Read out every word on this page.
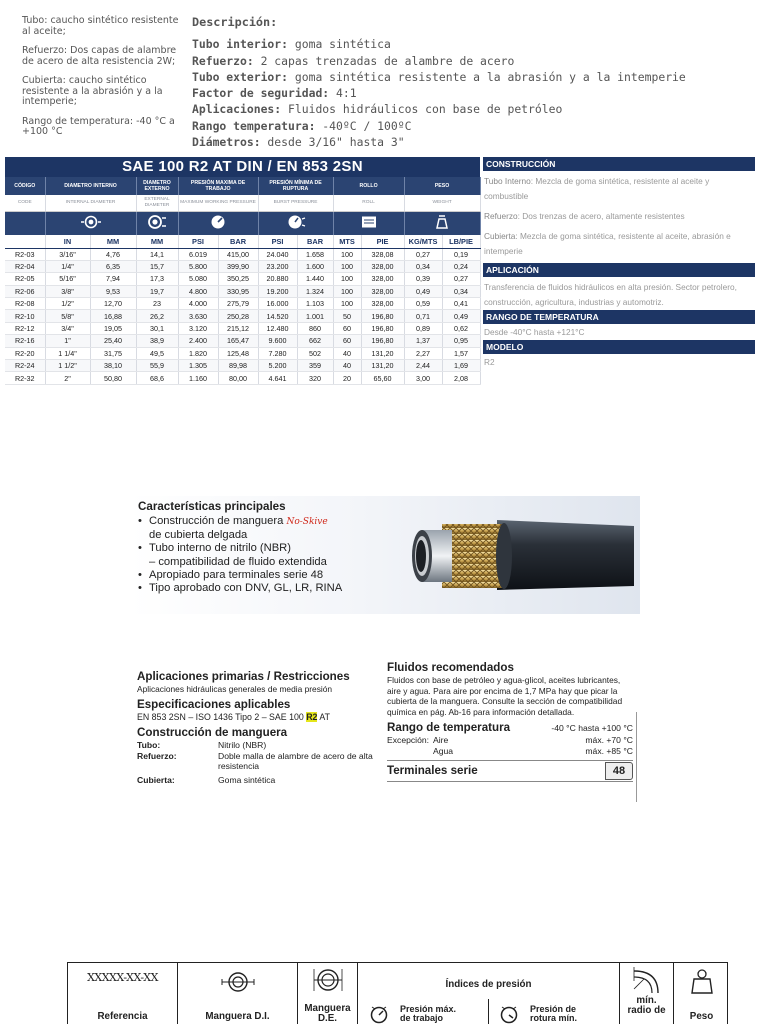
Tubo: caucho sintético resistente al aceite;

Refuerzo: Dos capas de alambre de acero de alta resistencia 2W;

Cubierta: caucho sintético resistente a la abrasión y a la intemperie;

Rango de temperatura: -40 °C a +100 °C

Descripción:
Tubo interior: goma sintética
Refuerzo: 2 capas trenzadas de alambre de acero
Tubo exterior: goma sintética resistente a la abrasión y a la intemperie
Factor de seguridad: 4:1
Aplicaciones: Fluidos hidráulicos con base de petróleo
Rango temperatura: -40ºC / 100ºC
Diámetros: desde 3/16" hasta 3"
SAE 100 R2 AT DIN / EN 853 2SN
CÓDIGO	DIAMETRO INTERNO		DIAMETRO EXTERNO	PRESIÓN MAXIMA DE TRABAJO		PRESIÓN MÍNIMA DE RUPTURA		ROLLO		PESO	
CODE	INTERNAL DIAMETER		EXTERNAL DIAMETER	MAXIMUM WORKING PRESSURE		BURST PRESSURE		ROLL		WEIGHT	

	IN	MM	MM	PSI	BAR	PSI	BAR	MTS	PIE	KG/MTS	LB/PIE
R2-03	3/16"	4,76	14,1	6.019	415,00	24.040	1.658	100	328,08	0,27	0,19
R2-04	1/4"	6,35	15,7	5.800	399,90	23.200	1.600	100	328,00	0,34	0,24
R2-05	5/16"	7,94	17,3	5.080	350,25	20.880	1.440	100	328,00	0,39	0,27
R2-06	3/8"	9,53	19,7	4.800	330,95	19.200	1.324	100	328,00	0,49	0,34
R2-08	1/2"	12,70	23	4.000	275,79	16.000	1.103	100	328,00	0,59	0,41
R2-10	5/8"	16,88	26,2	3.630	250,28	14.520	1.001	50	196,80	0,71	0,49
R2-12	3/4"	19,05	30,1	3.120	215,12	12.480	860	60	196,80	0,89	0,62
R2-16	1"	25,40	38,9	2.400	165,47	9.600	662	60	196,80	1,37	0,95
R2-20	1 1/4"	31,75	49,5	1.820	125,48	7.280	502	40	131,20	2,27	1,57
R2-24	1 1/2"	38,10	55,9	1.305	89,98	5.200	359	40	131,20	2,44	1,69
R2-32	2"	50,80	68,6	1.160	80,00	4.641	320	20	65,60	3,00	2,08
CONSTRUCCIÓN
Tubo Interno: Mezcla de goma sintética, resistente al aceite y combustible
Refuerzo: Dos trenzas de acero, altamente resistentes
Cubierta: Mezcla de goma sintética, resistente al aceite, abrasión e intemperie
APLICACIÓN
Transferencia de fluidos hidráulicos en alta presión. Sector petrolero, construcción, agricultura, industrias y automotriz.
RANGO DE TEMPERATURA
Desde -40°C hasta +121°C
MODELO
R2
Características principales
• Construcción de manguera No-Skive
de cubierta delgada
• Tubo interno de nitrilo (NBR)
– compatibilidad de fluido extendida
• Apropiado para terminales serie 48
• Tipo aprobado con DNV, GL, LR, RINA
Aplicaciones primarias / Restricciones
Aplicaciones hidráulicas generales de media presión
Especificaciones aplicables
EN 853 2SN – ISO 1436 Tipo 2 – SAE 100 R2 AT
Construcción de manguera
Tubo:	Nitrilo (NBR)
Refuerzo:	Doble malla de alambre de acero de alta resistencia
Cubierta:	Goma sintética
Fluidos recomendados
Fluidos con base de petróleo y agua-glicol, aceites lubricantes, aire y agua. Para aire por encima de 1,7 MPa hay que picar la cubierta de la manguera. Consulte la sección de compatibilidad química en pág. Ab-16 para información detallada.
Rango de temperatura	-40 °C hasta +100 °C
Excepción: Aire	máx. +70 °C
Agua	máx. +85 °C
Terminales serie	48
XXXXX-XX-XX
Referencia	Manguera D.I.
Manguera
D.E.
Índices de presión
Presión máx.
de trabajo
Presión de
rotura mín.
mín.
radio de
Peso
